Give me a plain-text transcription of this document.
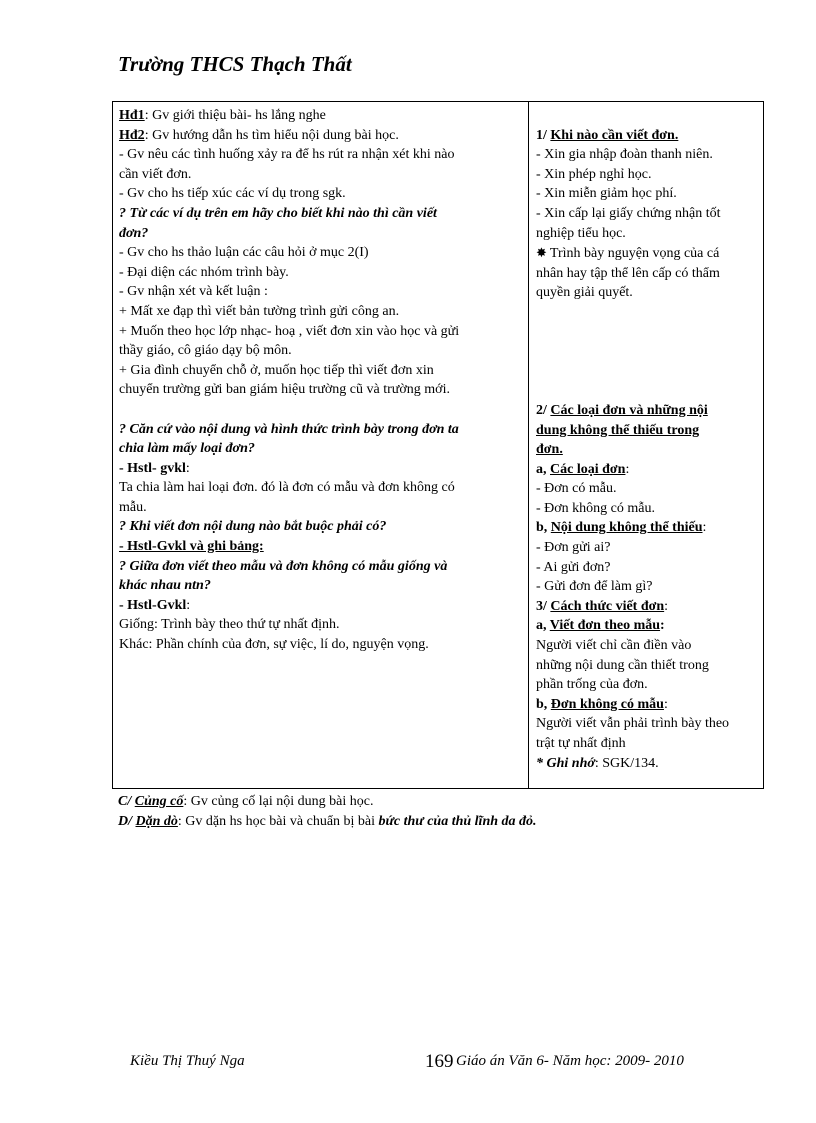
Trường THCS Thạch Thất
Hđ1: Gv giới thiệu bài- hs lắng nghe
Hđ2: Gv hướng dẫn hs tìm hiểu nội dung bài học.
- Gv nêu các tình huống xảy ra để hs rút ra nhận xét khi nào
cần viết đơn.
- Gv cho hs tiếp xúc các ví dụ trong sgk.
? Từ các ví dụ trên em hãy cho biết khi nào thì cần viết
đơn?
- Gv cho hs thảo luận các câu hỏi ở mục 2(I)
- Đại diện các nhóm trình bày.
- Gv nhận xét và kết luận :
+ Mất xe đạp thì viết bản tường trình gửi công an.
+ Muốn theo học lớp nhạc- hoạ , viết đơn xin vào học và gửi
thầy giáo, cô giáo dạy bộ môn.
+ Gia đình chuyển chỗ ở, muốn học tiếp thì viết đơn xin
chuyển trường gửi ban giám hiệu trường cũ và trường mới.
? Căn cứ vào nội dung và hình thức trình bày trong đơn ta
chia làm mấy loại đơn?
- Hstl- gvkl:
Ta chia làm hai loại đơn. đó là đơn có mẫu và đơn không có
mẫu.
? Khi viết đơn nội dung nào bắt buộc phải có?
- Hstl-Gvkl và ghi bảng:
? Giữa đơn viết theo mẫu và đơn không có mẫu giống và
khác nhau ntn?
- Hstl-Gvkl:
Giống: Trình bày theo thứ tự nhất định.
Khác: Phần chính của đơn, sự việc, lí do, nguyện vọng.
1/ Khi nào cần viết đơn.
- Xin gia nhập đoàn thanh niên.
- Xin phép nghỉ học.
- Xin miễn giảm học phí.
- Xin cấp lại giấy chứng nhận tốt
nghiệp tiểu học.
✸ Trình bày nguyện vọng của cá
nhân hay tập thể lên cấp có thẩm
quyền giải quyết.
2/ Các loại đơn và những nội
dung không thể thiếu trong
đơn.
a, Các loại đơn:
- Đơn có mẫu.
- Đơn không có mẫu.
b, Nội dung không thể thiếu:
- Đơn gửi ai?
- Ai gửi đơn?
- Gửi đơn để làm gì?
3/ Cách thức viết đơn:
a, Viết đơn theo mẫu:
Người viết chỉ cần điền vào
những nội dung cần thiết trong
phần trống của đơn.
b, Đơn không có mẫu:
Người viết vẫn phải trình bày theo
trật tự nhất định
* Ghi nhớ: SGK/134.
C/ Củng cố: Gv củng cố lại nội dung bài học.
D/ Dặn dò: Gv dặn hs học bài và chuẩn bị bài bức thư của thủ lĩnh da đỏ.
Kiều Thị Thuý Nga	169 Giáo án Văn 6- Năm học: 2009- 2010
